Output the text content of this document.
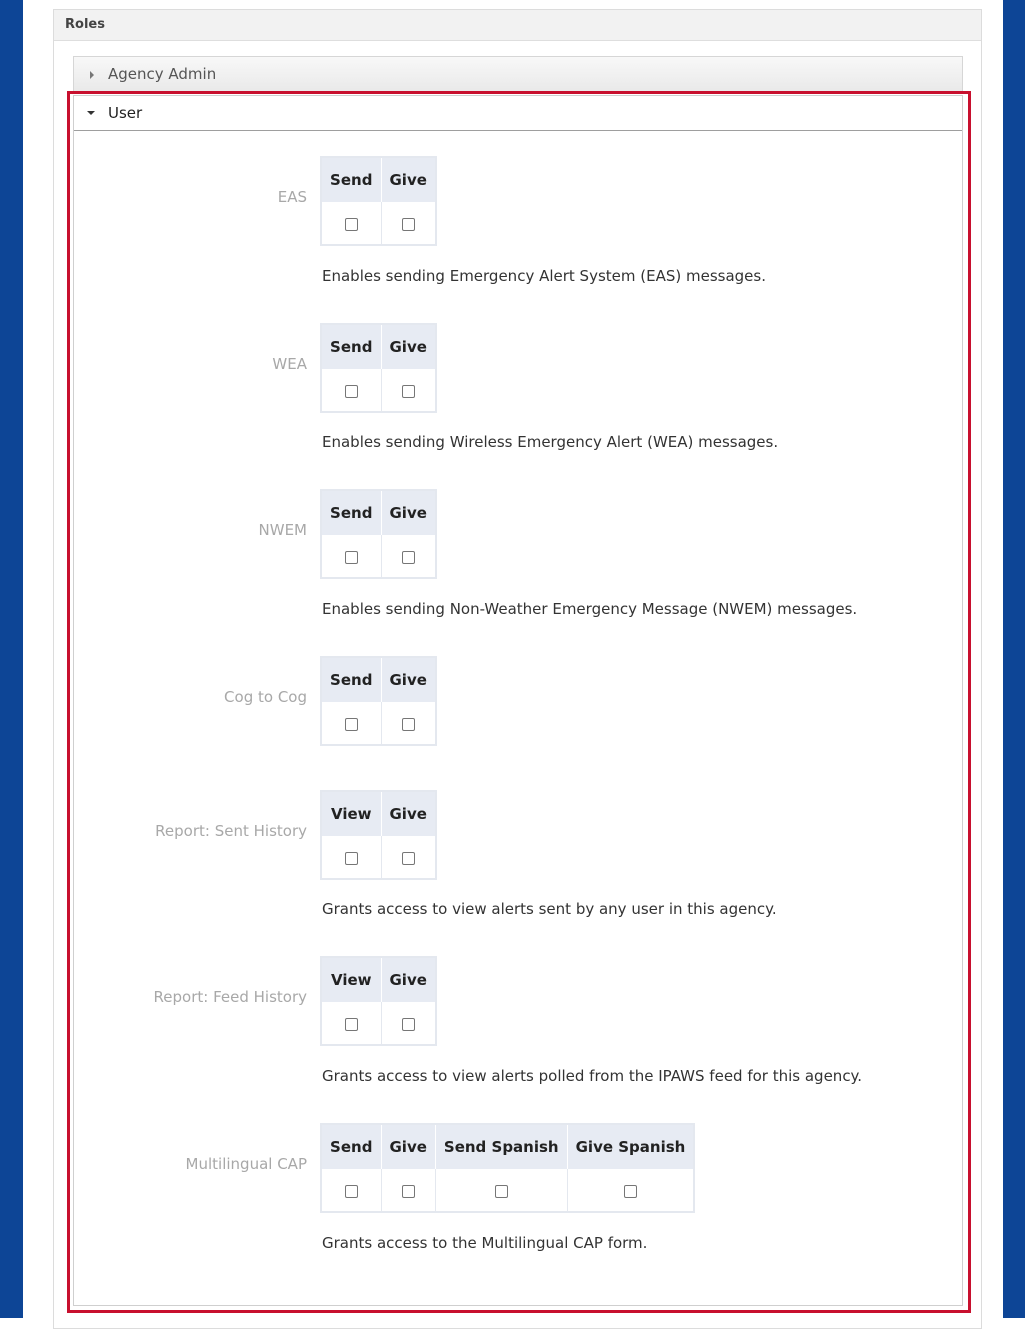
Roles
Agency Admin
User
EAS
Send	Give

Enables sending Emergency Alert System (EAS) messages.
WEA
Send	Give

Enables sending Wireless Emergency Alert (WEA) messages.
NWEM
Send	Give

Enables sending Non-Weather Emergency Message (NWEM) messages.
Cog to Cog
Send	Give

Report: Sent History
View	Give

Grants access to view alerts sent by any user in this agency.
Report: Feed History
View	Give

Grants access to view alerts polled from the IPAWS feed for this agency.
Multilingual CAP
Send	Give	Send Spanish	Give Spanish

Grants access to the Multilingual CAP form.
